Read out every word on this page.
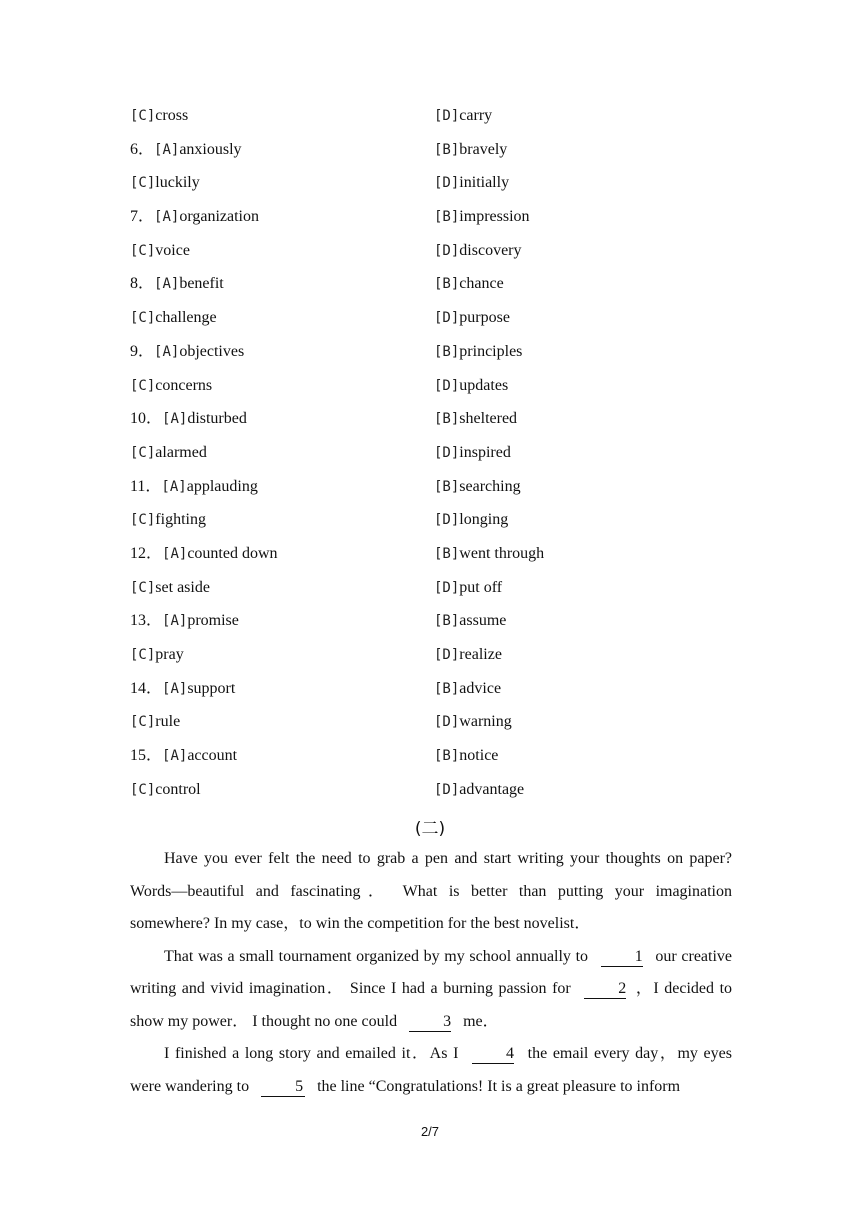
[C]cross	[D]carry
6．[A]anxiously	[B]bravely
[C]luckily	[D]initially
7．[A]organization	[B]impression
[C]voice	[D]discovery
8．[A]benefit	[B]chance
[C]challenge	[D]purpose
9．[A]objectives	[B]principles
[C]concerns	[D]updates
10．[A]disturbed	[B]sheltered
[C]alarmed	[D]inspired
11．[A]applauding	[B]searching
[C]fighting	[D]longing
12．[A]counted down	[B]went through
[C]set aside	[D]put off
13．[A]promise	[B]assume
[C]pray	[D]realize
14．[A]support	[B]advice
[C]rule	[D]warning
15．[A]account	[B]notice
[C]control	[D]advantage
(二)

Have you ever felt the need to grab a pen and start writing your thoughts on paper? Words—beautiful and fascinating． What is better than putting your imagination somewhere? In my case，to win the competition for the best novelist．

That was a small tournament organized by my school annually to	1 our creative writing and vivid imagination． Since I had a burning passion for	2 ，I decided to show my power． I thought no one could	3 me．

I finished a long story and emailed it．As I	4 the email every day，my eyes were wandering to	5 the line “Congratulations! It is a great pleasure to inform

2/7
